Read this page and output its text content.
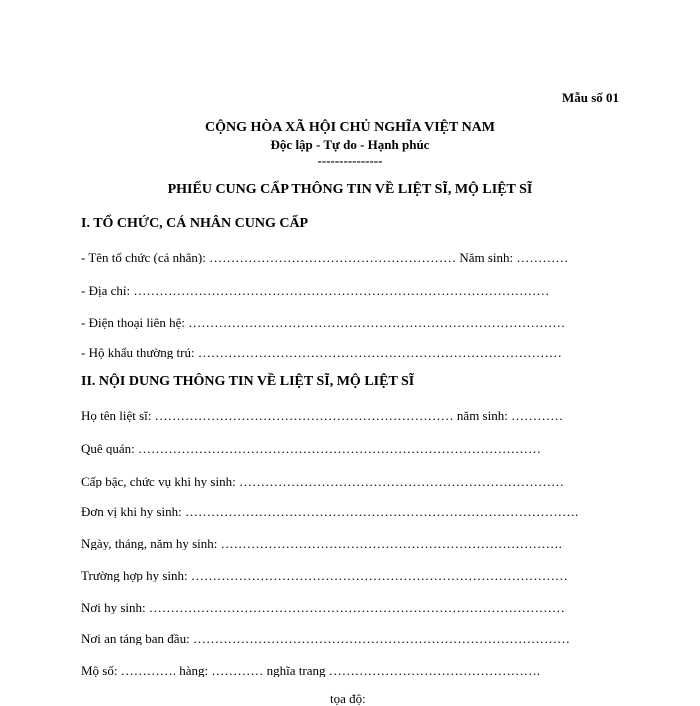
Mẫu số 01
CỘNG HÒA XÃ HỘI CHỦ NGHĨA VIỆT NAM
Độc lập - Tự do - Hạnh phúc
---------------
PHIẾU CUNG CẤP THÔNG TIN VỀ LIỆT SĨ, MỘ LIỆT SĨ
I. TỔ CHỨC, CÁ NHÂN CUNG CẤP
- Tên tổ chức (cá nhân): ………………………………………………… Năm sinh: …………
- Địa chỉ: ……………………………………………………………………………………
- Điện thoại liên hệ: ……………………………………………………………………………
- Hộ khẩu thường trú: …………………………………………………………………………
II. NỘI DUNG THÔNG TIN VỀ LIỆT SĨ, MỘ LIỆT SĨ
Họ tên liệt sĩ: …………………………………………………………… năm sinh: …………
Quê quán: …………………………………………………………………………………
Cấp bậc, chức vụ khi hy sinh: …………………………………………………………………
Đơn vị khi hy sinh: ……………………………………………………………………………….
Ngày, tháng, năm hy sinh: …………………………………………………………………….
Trường hợp hy sinh: ……………………………………………………………………………
Nơi hy sinh: ……………………………………………………………………………………
Nơi an táng ban đầu: ……………………………………………………………………………
Mộ số: …………. hàng: ………… nghĩa trang ………………………………………….
tọa độ:
